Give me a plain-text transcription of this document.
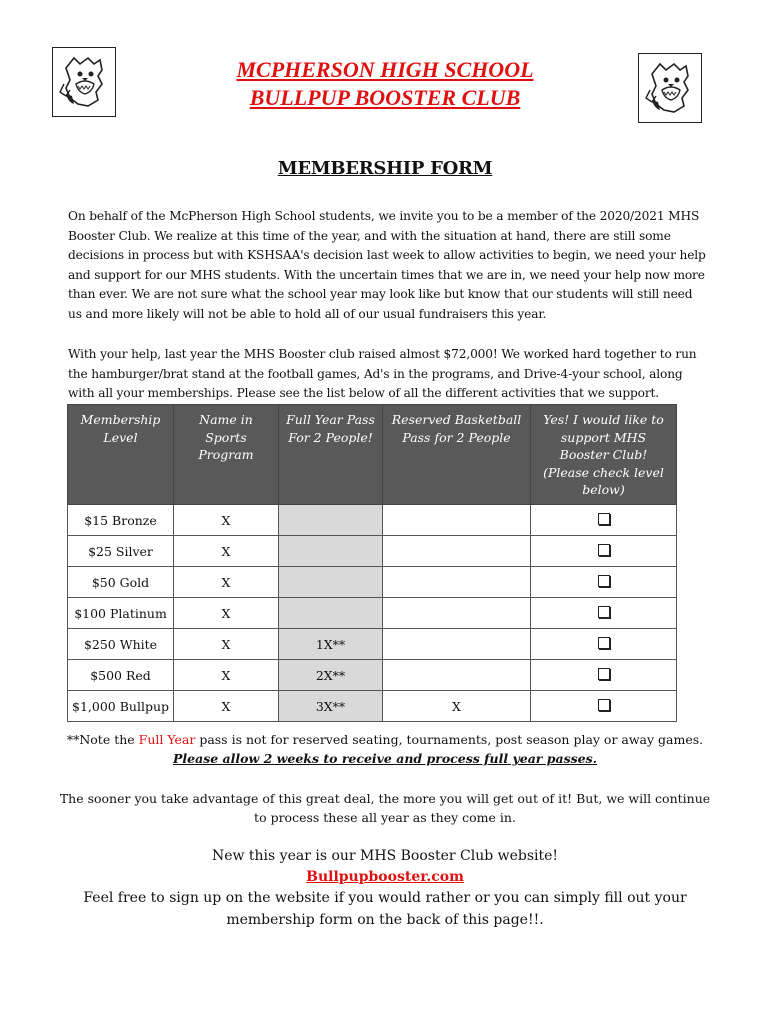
MCPHERSON HIGH SCHOOL
BULLPUP BOOSTER CLUB
MEMBERSHIP FORM
On behalf of the McPherson High School students, we invite you to be a member of the 2020/2021 MHS Booster Club. We realize at this time of the year, and with the situation at hand, there are still some decisions in process but with KSHSAA's decision last week to allow activities to begin, we need your help and support for our MHS students. With the uncertain times that we are in, we need your help now more than ever. We are not sure what the school year may look like but know that our students will still need us and more likely will not be able to hold all of our usual fundraisers this year.
With your help, last year the MHS Booster club raised almost $72,000! We worked hard together to run the hamburger/brat stand at the football games, Ad's in the programs, and Drive-4-your school, along with all your memberships. Please see the list below of all the different activities that we support.
Membership Level	Name in Sports Program	Full Year Pass For 2 People!	Reserved Basketball Pass for 2 People	Yes! I would like to support MHS Booster Club! (Please check level below)
$15 Bronze	X			
$25 Silver	X			
$50 Gold	X			
$100 Platinum	X			
$250 White	X	1X**		
$500 Red	X	2X**		
$1,000 Bullpup	X	3X**	X	
**Note the Full Year pass is not for reserved seating, tournaments, post season play or away games.
Please allow 2 weeks to receive and process full year passes.
The sooner you take advantage of this great deal, the more you will get out of it! But, we will continue
to process these all year as they come in.
New this year is our MHS Booster Club website!
Bullpupbooster.com
Feel free to sign up on the website if you would rather or you can simply fill out your
membership form on the back of this page!!.
